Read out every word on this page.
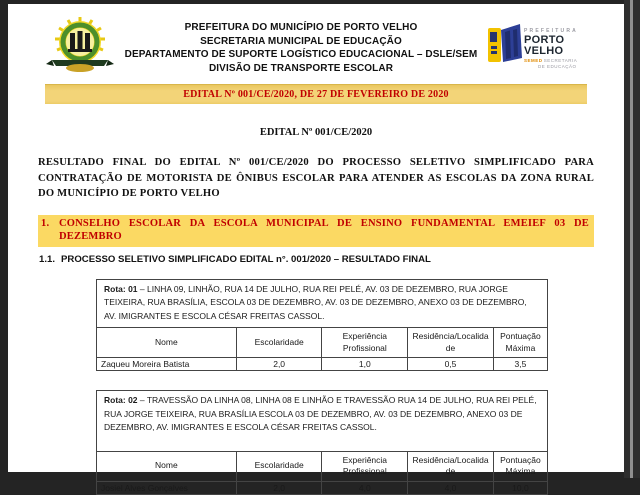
PREFEITURA DO MUNICÍPIO DE PORTO VELHO
SECRETARIA MUNICIPAL DE EDUCAÇÃO
DEPARTAMENTO DE SUPORTE LOGÍSTICO EDUCACIONAL – DSLE/SEM
DIVISÃO DE TRANSPORTE ESCOLAR
PREFEITURA
PORTO VELHO
SEMED SECRETARIA
DE EDUCAÇÃO
EDITAL Nº 001/CE/2020, DE 27 DE FEVEREIRO DE 2020
EDITAL Nº 001/CE/2020
RESULTADO FINAL DO EDITAL Nº 001/CE/2020 DO PROCESSO SELETIVO SIMPLIFICADO PARA CONTRATAÇÃO DE MOTORISTA DE ÔNIBUS ESCOLAR PARA ATENDER AS ESCOLAS DA ZONA RURAL DO MUNICÍPIO DE PORTO VELHO
1. CONSELHO ESCOLAR DA ESCOLA MUNICIPAL DE ENSINO FUNDAMENTAL EMEIEF 03 DE DEZEMBRO
1.1. PROCESSO SELETIVO SIMPLIFICADO EDITAL n°. 001/2020 – RESULTADO FINAL
Rota: 01 – LINHA 09, LINHÃO, RUA 14 DE JULHO, RUA REI PELÉ, AV. 03 DE DEZEMBRO, RUA JORGE TEIXEIRA, RUA BRASÍLIA, ESCOLA 03 DE DEZEMBRO, AV. 03 DE DEZEMBRO, ANEXO 03 DE DEZEMBRO, AV. IMIGRANTES E ESCOLA CÉSAR FREITAS CASSOL.				
Nome	Escolaridade	Experiência Profissional	Residência/Localida de	Pontuação Máxima
Zaqueu Moreira Batista	2,0	1,0	0,5	3,5
Rota: 02 – TRAVESSÃO DA LINHA 08, LINHA 08 E LINHÃO E TRAVESSÃO RUA 14 DE JULHO, RUA REI PELÉ, RUA JORGE TEIXEIRA, RUA BRASÍLIA ESCOLA 03 DE DEZEMBRO, AV. 03 DE DEZEMBRO, ANEXO 03 DE DEZEMBRO, AV. IMIGRANTES E ESCOLA CÉSAR FREITAS CASSOL.				
Nome	Escolaridade	Experiência Profissional	Residência/Localida de	Pontuação Máxima
Josiel Alves Gonçalves	2,0	4,0	4,0	10,0
